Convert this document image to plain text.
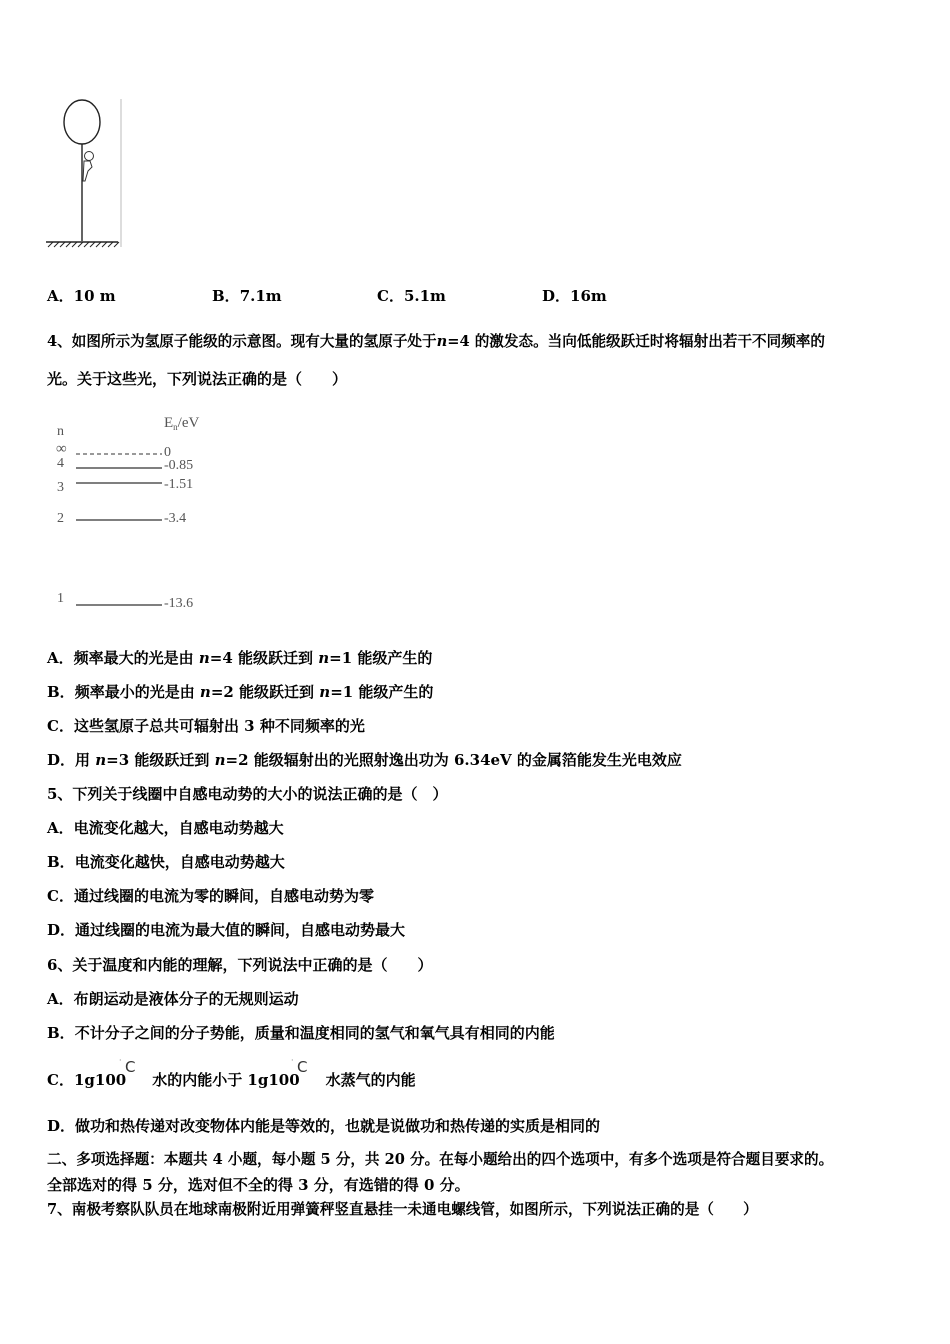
A．10 m	B．7.1m	C．5.1m	D．16m
4、如图所示为氢原子能级的示意图。现有大量的氢原子处于n=4 的激发态。当向低能级跃迁时将辐射出若干不同频率的
光。关于这些光，下列说法正确的是（　　）
n
$E_n/eV$
∞	0
4	-0.85
3	-1.51
2	-3.4
1	-13.6
A．频率最大的光是由 n=4 能级跃迁到 n=1 能级产生的
B．频率最小的光是由 n=2 能级跃迁到 n=1 能级产生的
C．这些氢原子总共可辐射出 3 种不同频率的光
D．用 n=3 能级跃迁到 n=2 能级辐射出的光照射逸出功为 6.34eV 的金属箔能发生光电效应
5、下列关于线圈中自感电动势的大小的说法正确的是（　）
A．电流变化越大，自感电动势越大
B．电流变化越快，自感电动势越大
C．通过线圈的电流为零的瞬间，自感电动势为零
D．通过线圈的电流为最大值的瞬间，自感电动势最大
6、关于温度和内能的理解，下列说法中正确的是（　　）
A．布朗运动是液体分子的无规则运动
B．不计分子之间的分子势能，质量和温度相同的氢气和氧气具有相同的内能
C．1g100 水的内能小于 1g100 水蒸气的内能
· C	· C
D．做功和热传递对改变物体内能是等效的，也就是说做功和热传递的实质是相同的
二、多项选择题：本题共 4 小题，每小题 5 分，共 20 分。在每小题给出的四个选项中，有多个选项是符合题目要求的。
全部选对的得 5 分，选对但不全的得 3 分，有选错的得 0 分。
7、南极考察队队员在地球南极附近用弹簧秤竖直悬挂一未通电螺线管，如图所示，下列说法正确的是（　　）
